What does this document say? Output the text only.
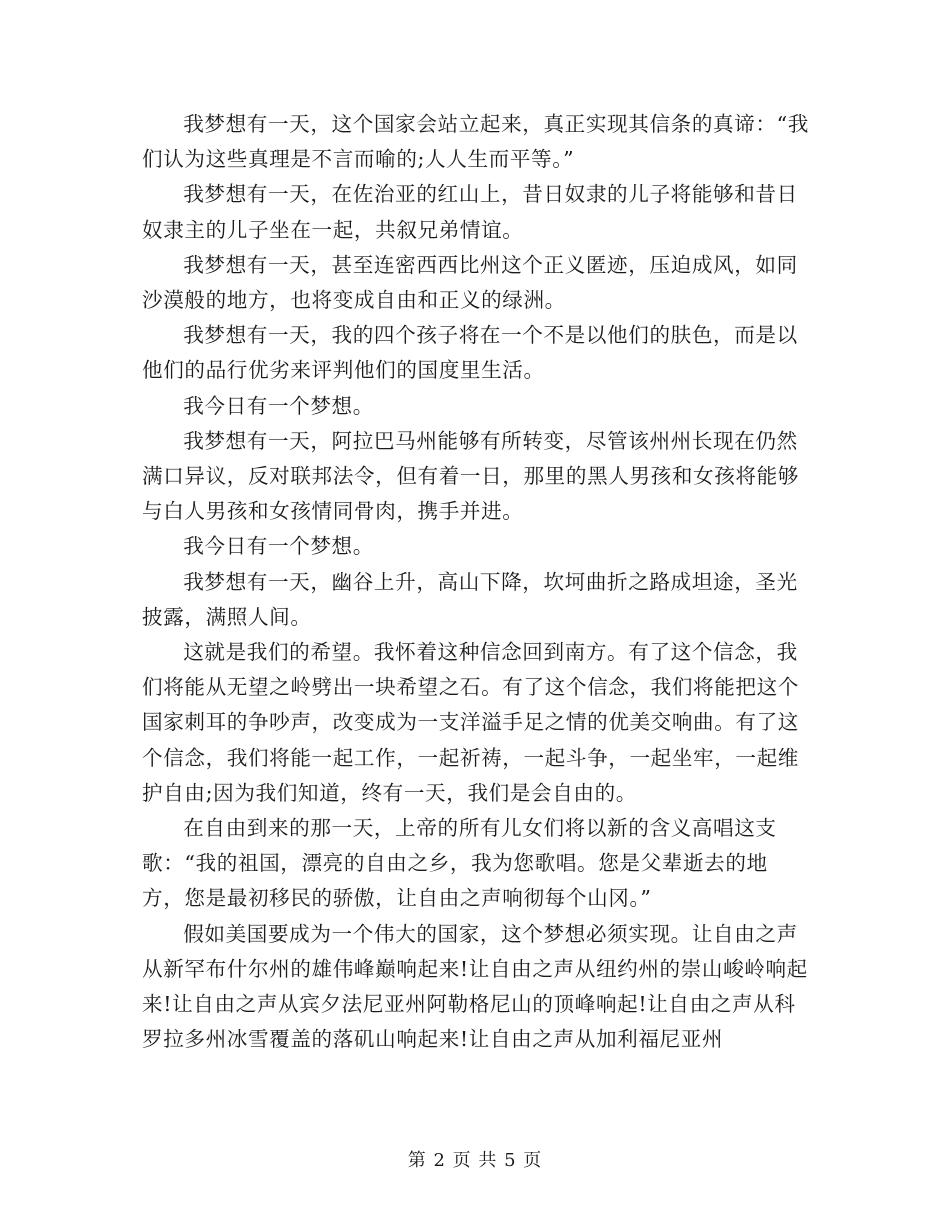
我梦想有一天，这个国家会站立起来，真正实现其信条的真谛：“我们认为这些真理是不言而喻的;人人生而平等。”

我梦想有一天，在佐治亚的红山上，昔日奴隶的儿子将能够和昔日奴隶主的儿子坐在一起，共叙兄弟情谊。

我梦想有一天，甚至连密西西比州这个正义匿迹，压迫成风，如同沙漠般的地方，也将变成自由和正义的绿洲。

我梦想有一天，我的四个孩子将在一个不是以他们的肤色，而是以他们的品行优劣来评判他们的国度里生活。

我今日有一个梦想。

我梦想有一天，阿拉巴马州能够有所转变，尽管该州州长现在仍然满口异议，反对联邦法令，但有着一日，那里的黑人男孩和女孩将能够与白人男孩和女孩情同骨肉，携手并进。

我今日有一个梦想。

我梦想有一天，幽谷上升，高山下降，坎坷曲折之路成坦途，圣光披露，满照人间。

这就是我们的希望。我怀着这种信念回到南方。有了这个信念，我们将能从无望之岭劈出一块希望之石。有了这个信念，我们将能把这个国家刺耳的争吵声，改变成为一支洋溢手足之情的优美交响曲。有了这个信念，我们将能一起工作，一起祈祷，一起斗争，一起坐牢，一起维护自由;因为我们知道，终有一天，我们是会自由的。

在自由到来的那一天，上帝的所有儿女们将以新的含义高唱这支歌：“我的祖国，漂亮的自由之乡，我为您歌唱。您是父辈逝去的地方，您是最初移民的骄傲，让自由之声响彻每个山冈。”

假如美国要成为一个伟大的国家，这个梦想必须实现。让自由之声从新罕布什尔州的雄伟峰巅响起来!让自由之声从纽约州的崇山峻岭响起来!让自由之声从宾夕法尼亚州阿勒格尼山的顶峰响起!让自由之声从科罗拉多州冰雪覆盖的落矶山响起来!让自由之声从加利福尼亚州

第 2 页 共 5 页
